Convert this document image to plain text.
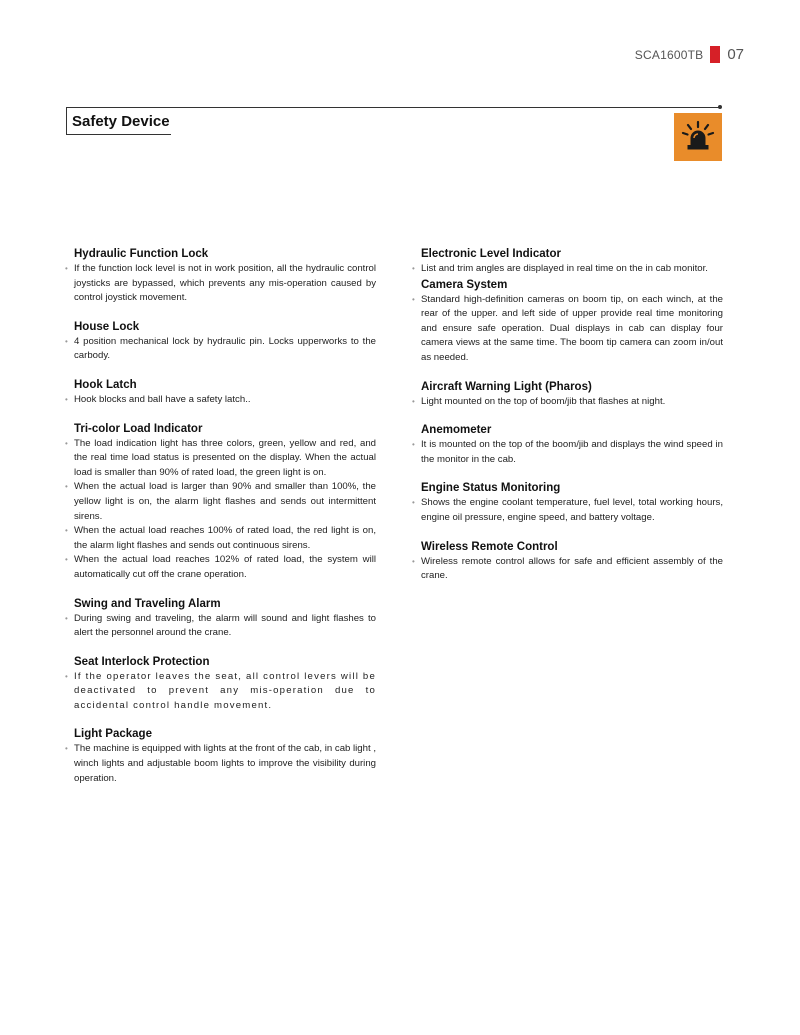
SCA1600TB 07
Safety Device
Hydraulic Function Lock
• If the function lock level is not in work position, all the hydraulic control joysticks are bypassed, which prevents any mis-operation caused by control joystick movement.
House Lock
• 4 position mechanical lock by hydraulic pin. Locks upperworks to the carbody.
Hook Latch
• Hook blocks and ball have a safety latch..
Tri-color Load Indicator
• The load indication light has three colors, green, yellow and red, and the real time load status is presented on the display. When the actual load is smaller than 90% of rated load, the green light is on.
• When the actual load is larger than 90% and smaller than 100%, the yellow light is on, the alarm light flashes and sends out intermittent sirens.
• When the actual load reaches 100% of rated load, the red light is on, the alarm light flashes and sends out continuous sirens.
• When the actual load reaches 102% of rated load, the system will automatically cut off the crane operation.
Swing and Traveling Alarm
• During swing and traveling, the alarm will sound and light flashes to alert the personnel around the crane.
Seat Interlock Protection
• If the operator leaves the seat, all control levers will be deactivated to prevent any mis-operation due to accidental control handle movement.
Light Package
• The machine is equipped with lights at the front of the cab, in cab light , winch lights and adjustable boom lights to improve the visibility during operation.
Electronic Level Indicator
• List and trim angles are displayed in real time on the in cab monitor.
Camera System
• Standard high-definition cameras on boom tip, on each winch, at the rear of the upper. and left side of upper provide real time monitoring and ensure safe operation. Dual displays in cab can display four camera views at the same time. The boom tip camera can zoom in/out as needed.
Aircraft Warning Light (Pharos)
• Light mounted on the top of boom/jib that flashes at night.
Anemometer
• It is mounted on the top of the boom/jib and displays the wind speed in the monitor in the cab.
Engine Status Monitoring
• Shows the engine coolant temperature, fuel level, total working hours, engine oil pressure, engine speed, and battery voltage.
Wireless Remote Control
• Wireless remote control allows for safe and efficient assembly of the crane.
